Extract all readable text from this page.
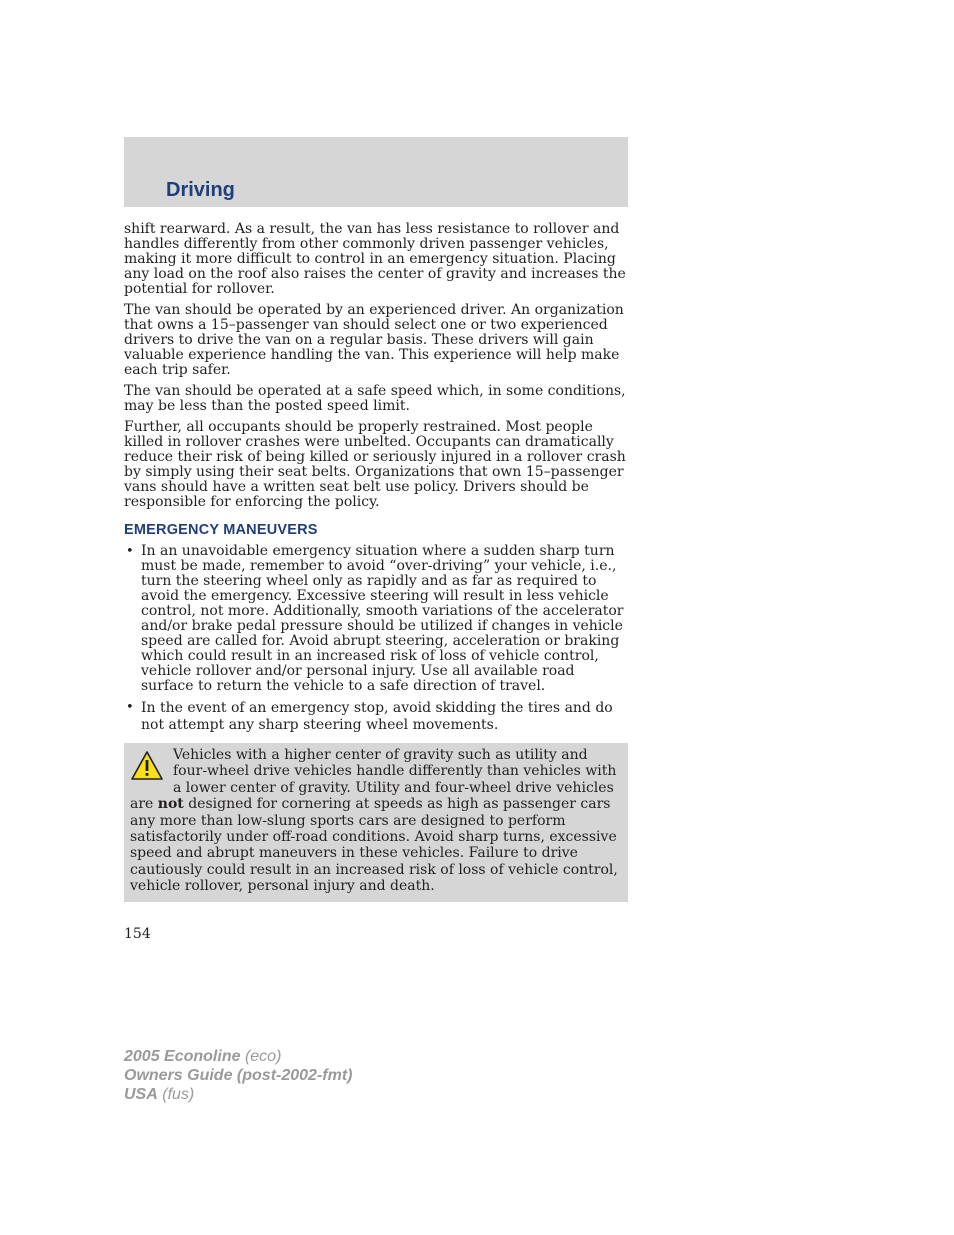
Driving

shift rearward. As a result, the van has less resistance to rollover and handles differently from other commonly driven passenger vehicles, making it more difficult to control in an emergency situation. Placing any load on the roof also raises the center of gravity and increases the potential for rollover.

The van should be operated by an experienced driver. An organization that owns a 15–passenger van should select one or two experienced drivers to drive the van on a regular basis. These drivers will gain valuable experience handling the van. This experience will help make each trip safer.

The van should be operated at a safe speed which, in some conditions, may be less than the posted speed limit.

Further, all occupants should be properly restrained. Most people killed in rollover crashes were unbelted. Occupants can dramatically reduce their risk of being killed or seriously injured in a rollover crash by simply using their seat belts. Organizations that own 15–passenger vans should have a written seat belt use policy. Drivers should be responsible for enforcing the policy.

EMERGENCY MANEUVERS
• In an unavoidable emergency situation where a sudden sharp turn must be made, remember to avoid “over-driving” your vehicle, i.e., turn the steering wheel only as rapidly and as far as required to avoid the emergency. Excessive steering will result in less vehicle control, not more. Additionally, smooth variations of the accelerator and/or brake pedal pressure should be utilized if changes in vehicle speed are called for. Avoid abrupt steering, acceleration or braking which could result in an increased risk of loss of vehicle control, vehicle rollover and/or personal injury. Use all available road surface to return the vehicle to a safe direction of travel.
• In the event of an emergency stop, avoid skidding the tires and do not attempt any sharp steering wheel movements.
Vehicles with a higher center of gravity such as utility and four-wheel drive vehicles handle differently than vehicles with a lower center of gravity. Utility and four-wheel drive vehicles are not designed for cornering at speeds as high as passenger cars any more than low-slung sports cars are designed to perform satisfactorily under off-road conditions. Avoid sharp turns, excessive speed and abrupt maneuvers in these vehicles. Failure to drive cautiously could result in an increased risk of loss of vehicle control, vehicle rollover, personal injury and death.
154
2005 Econoline (eco)
Owners Guide (post-2002-fmt)
USA (fus)
